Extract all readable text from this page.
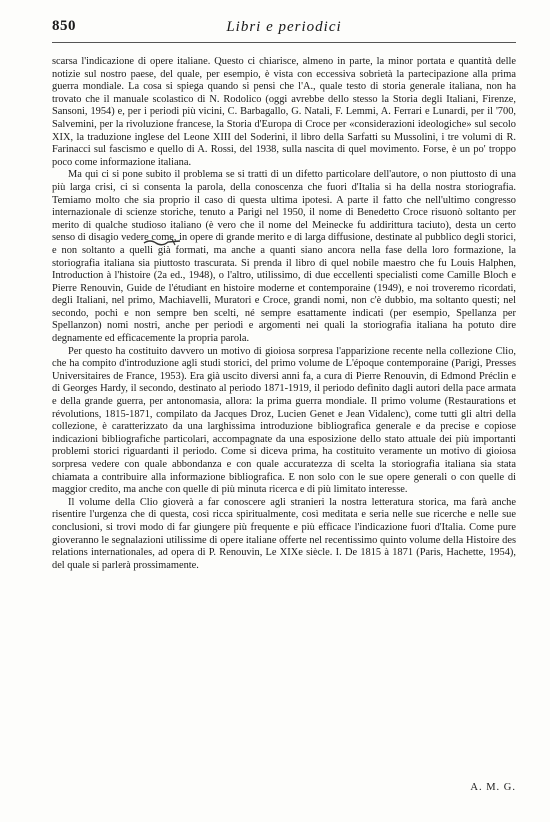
Libri e periodici
850

scarsa l'indicazione di opere italiane. Questo ci chiarisce, almeno in parte, la minor portata e quantità delle notizie sul nostro paese, del quale, per esempio, è vista con eccessiva sobrietà la partecipazione alla prima guerra mondiale. La cosa si spiega quando si pensi che l'A., quale testo di storia generale italiana, non ha trovato che il manuale scolastico di N. Rodolico (oggi avrebbe dello stesso la Storia degli Italiani, Firenze, Sansoni, 1954) e, per i periodi più vicini, C. Barbagallo, G. Natali, F. Lemmi, A. Ferrari e Lunardi, per il '700, Salvemini, per la rivoluzione francese, la Storia d'Europa di Croce per «considerazioni ideologiche» sul secolo XIX, la traduzione inglese del Leone XIII del Soderini, il libro della Sarfatti su Mussolini, i tre volumi di R. Farinacci sul fascismo e quello di A. Rossi, del 1938, sulla nascita di quel movimento. Forse, è un po' troppo poco come informazione italiana.

Ma qui ci si pone subito il problema se si tratti di un difetto particolare dell'autore, o non piuttosto di una più larga crisi, ci si consenta la parola, della conoscenza che fuori d'Italia si ha della nostra storiografia. Temiamo molto che sia proprio il caso di questa ultima ipotesi. A parte il fatto che nell'ultimo congresso internazionale di scienze storiche, tenuto a Parigi nel 1950, il nome di Benedetto Croce risuonò soltanto per merito di qualche studioso italiano (è vero che il nome del Meinecke fu addirittura taciuto), desta un certo senso di disagio vedere come, in opere di grande merito e di larga diffusione, destinate al pubblico degli storici, e non soltanto a quelli già formati, ma anche a quanti siano ancora nella fase della loro formazione, la storiografia italiana sia piuttosto trascurata. Si prenda il libro di quel nobile maestro che fu Louis Halphen, Introduction à l'histoire (2a ed., 1948), o l'altro, utilissimo, di due eccellenti specialisti come Camille Bloch e Pierre Renouvin, Guide de l'étudiant en histoire moderne et contemporaine (1949), e noi troveremo ricordati, degli Italiani, nel primo, Machiavelli, Muratori e Croce, grandi nomi, non c'è dubbio, ma soltanto questi; nel secondo, pochi e non sempre ben scelti, né sempre esattamente indicati (per esempio, Spellanza per Spellanzon) nomi nostri, anche per periodi e argomenti nei quali la storiografia italiana ha potuto dire degnamente ed efficacemente la propria parola.

Per questo ha costituito davvero un motivo di gioiosa sorpresa l'apparizione recente nella collezione Clio, che ha compito d'introduzione agli studi storici, del primo volume de L'époque contemporaine (Parigi, Presses Universitaires de France, 1953). Era già uscito diversi anni fa, a cura di Pierre Renouvin, di Edmond Préclin e di Georges Hardy, il secondo, destinato al periodo 1871-1919, il periodo definito dagli autori della pace armata e della grande guerra, per antonomasia, allora: la prima guerra mondiale. Il primo volume (Restaurations et révolutions, 1815-1871, compilato da Jacques Droz, Lucien Genet e Jean Vidalenc), come tutti gli altri della collezione, è caratterizzato da una larghissima introduzione bibliografica generale e da precise e copiose indicazioni bibliografiche particolari, accompagnate da una esposizione dello stato attuale dei più importanti problemi storici riguardanti il periodo. Come si diceva prima, ha costituito veramente un motivo di gioiosa sorpresa vedere con quale abbondanza e con quale accuratezza di scelta la storiografia italiana sia stata chiamata a contribuire alla informazione bibliografica. E non solo con le sue opere generali o con quelle di maggior credito, ma anche con quelle di più minuta ricerca e di più limitato interesse.

Il volume della Clio gioverà a far conoscere agli stranieri la nostra letteratura storica, ma farà anche risentire l'urgenza che di questa, così ricca spiritualmente, così meditata e seria nelle sue ricerche e nelle sue conclusioni, si trovi modo di far giungere più frequente e più efficace l'indicazione fuori d'Italia. Come pure gioveranno le segnalazioni utilissime di opere italiane offerte nel recentissimo quinto volume della Histoire des relations internationales, ad opera di P. Renouvin, Le XIXe siècle. I. De 1815 à 1871 (Paris, Hachette, 1954), del quale si parlerà prossimamente.

A. M. G.
